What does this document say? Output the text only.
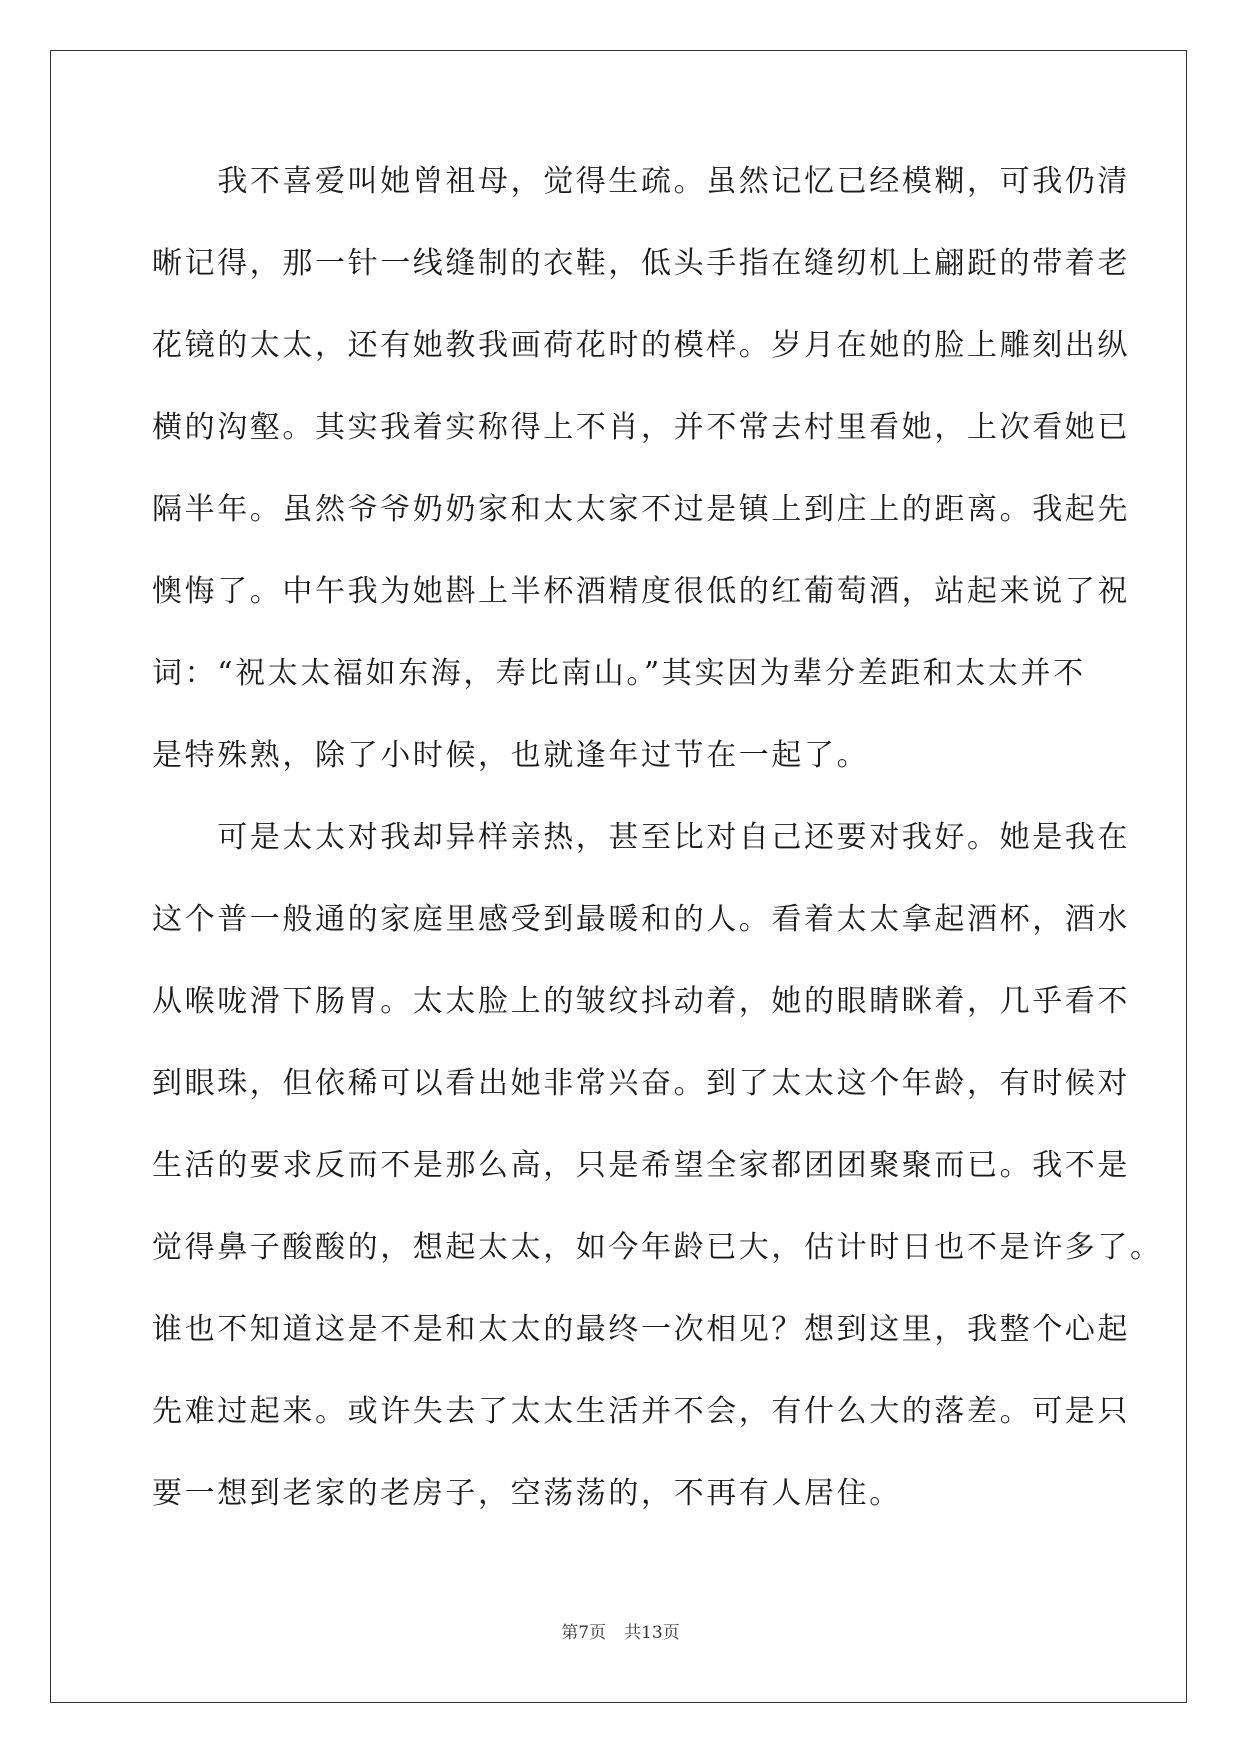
　　我不喜爱叫她曾祖母，觉得生疏。虽然记忆已经模糊，可我仍清
晰记得，那一针一线缝制的衣鞋，低头手指在缝纫机上翩跹的带着老
花镜的太太，还有她教我画荷花时的模样。岁月在她的脸上雕刻出纵
横的沟壑。其实我着实称得上不肖，并不常去村里看她，上次看她已
隔半年。虽然爷爷奶奶家和太太家不过是镇上到庄上的距离。我起先
懊悔了。中午我为她斟上半杯酒精度很低的红葡萄酒，站起来说了祝
词：“祝太太福如东海，寿比南山。”其实因为辈分差距和太太并不
是特殊熟，除了小时候，也就逢年过节在一起了。
　　可是太太对我却异样亲热，甚至比对自己还要对我好。她是我在
这个普一般通的家庭里感受到最暖和的人。看着太太拿起酒杯，酒水
从喉咙滑下肠胃。太太脸上的皱纹抖动着，她的眼睛眯着，几乎看不
到眼珠，但依稀可以看出她非常兴奋。到了太太这个年龄，有时候对
生活的要求反而不是那么高，只是希望全家都团团聚聚而已。我不是
觉得鼻子酸酸的，想起太太，如今年龄已大，估计时日也不是许多了。
谁也不知道这是不是和太太的最终一次相见？想到这里，我整个心起
先难过起来。或许失去了太太生活并不会，有什么大的落差。可是只
要一想到老家的老房子，空荡荡的，不再有人居住。
第7页 共13页
